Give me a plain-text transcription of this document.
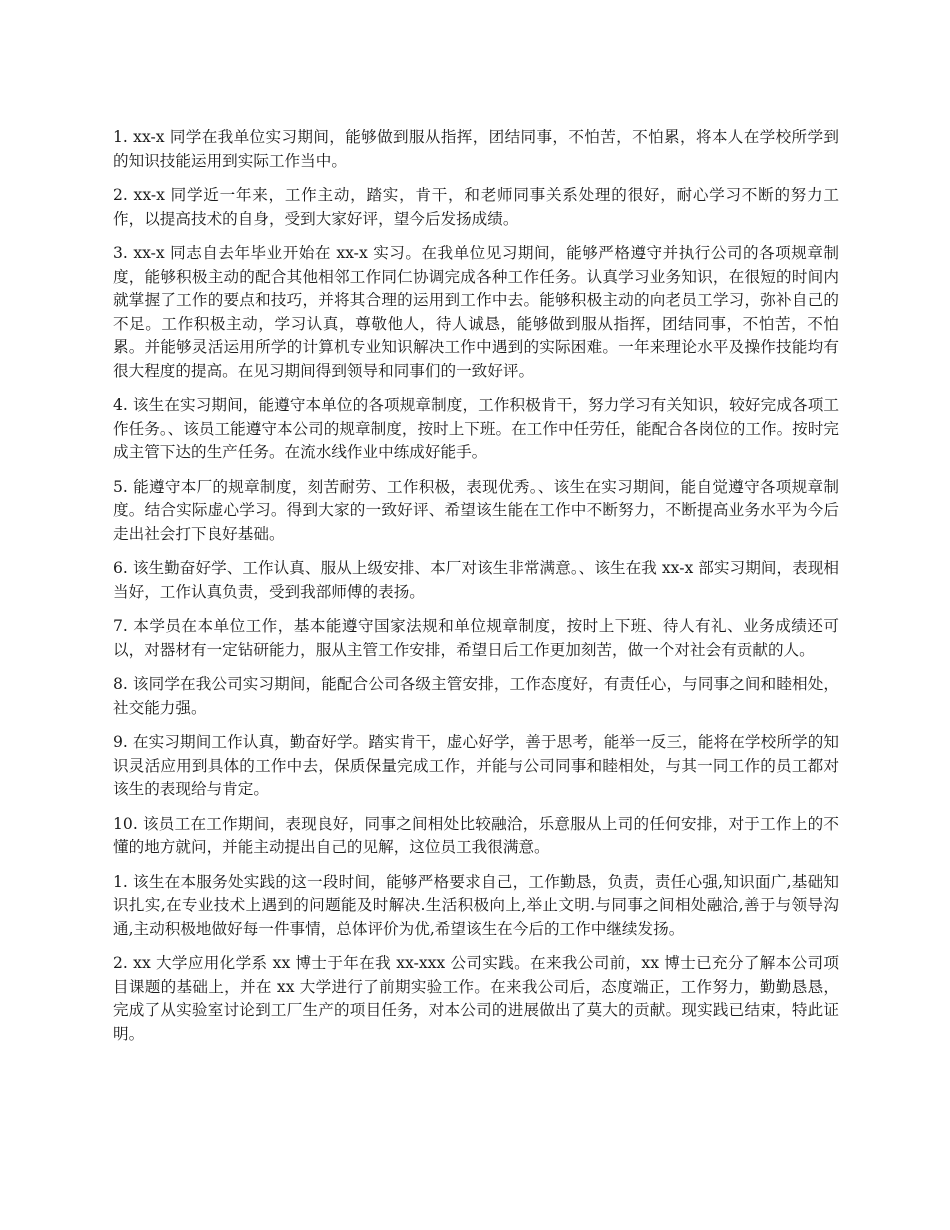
1. xx-x 同学在我单位实习期间，能够做到服从指挥，团结同事，不怕苦，不怕累，将本人在学校所学到的知识技能运用到实际工作当中。

2. xx-x 同学近一年来，工作主动，踏实，肯干，和老师同事关系处理的很好，耐心学习不断的努力工作，以提高技术的自身，受到大家好评，望今后发扬成绩。

3. xx-x 同志自去年毕业开始在 xx-x 实习。在我单位见习期间，能够严格遵守并执行公司的各项规章制度，能够积极主动的配合其他相邻工作同仁协调完成各种工作任务。认真学习业务知识，在很短的时间内就掌握了工作的要点和技巧，并将其合理的运用到工作中去。能够积极主动的向老员工学习，弥补自己的不足。工作积极主动，学习认真，尊敬他人，待人诚恳，能够做到服从指挥，团结同事，不怕苦，不怕累。并能够灵活运用所学的计算机专业知识解决工作中遇到的实际困难。一年来理论水平及操作技能均有很大程度的提高。在见习期间得到领导和同事们的一致好评。

4. 该生在实习期间，能遵守本单位的各项规章制度，工作积极肯干，努力学习有关知识，较好完成各项工作任务。、该员工能遵守本公司的规章制度，按时上下班。在工作中任劳任，能配合各岗位的工作。按时完成主管下达的生产任务。在流水线作业中练成好能手。

5. 能遵守本厂的规章制度，刻苦耐劳、工作积极，表现优秀。、该生在实习期间，能自觉遵守各项规章制度。结合实际虚心学习。得到大家的一致好评、希望该生能在工作中不断努力，不断提高业务水平为今后走出社会打下良好基础。

6. 该生勤奋好学、工作认真、服从上级安排、本厂对该生非常满意。、该生在我 xx-x 部实习期间，表现相当好，工作认真负责，受到我部师傅的表扬。

7. 本学员在本单位工作，基本能遵守国家法规和单位规章制度，按时上下班、待人有礼、业务成绩还可以，对器材有一定钻研能力，服从主管工作安排，希望日后工作更加刻苦，做一个对社会有贡献的人。

8. 该同学在我公司实习期间，能配合公司各级主管安排，工作态度好，有责任心，与同事之间和睦相处，社交能力强。

9. 在实习期间工作认真，勤奋好学。踏实肯干，虚心好学，善于思考，能举一反三，能将在学校所学的知识灵活应用到具体的工作中去，保质保量完成工作，并能与公司同事和睦相处，与其一同工作的员工都对该生的表现给与肯定。

10. 该员工在工作期间，表现良好，同事之间相处比较融洽，乐意服从上司的任何安排，对于工作上的不懂的地方就问，并能主动提出自己的见解，这位员工我很满意。

1. 该生在本服务处实践的这一段时间，能够严格要求自己，工作勤恳，负责，责任心强,知识面广,基础知识扎实,在专业技术上遇到的问题能及时解决.生活积极向上,举止文明.与同事之间相处融洽,善于与领导沟通,主动积极地做好每一件事情，总体评价为优,希望该生在今后的工作中继续发扬。

2. xx 大学应用化学系 xx 博士于年在我 xx-xxx 公司实践。在来我公司前，xx 博士已充分了解本公司项目课题的基础上，并在 xx 大学进行了前期实验工作。在来我公司后，态度端正，工作努力，勤勤恳恳，完成了从实验室讨论到工厂生产的项目任务，对本公司的进展做出了莫大的贡献。现实践已结束，特此证明。
